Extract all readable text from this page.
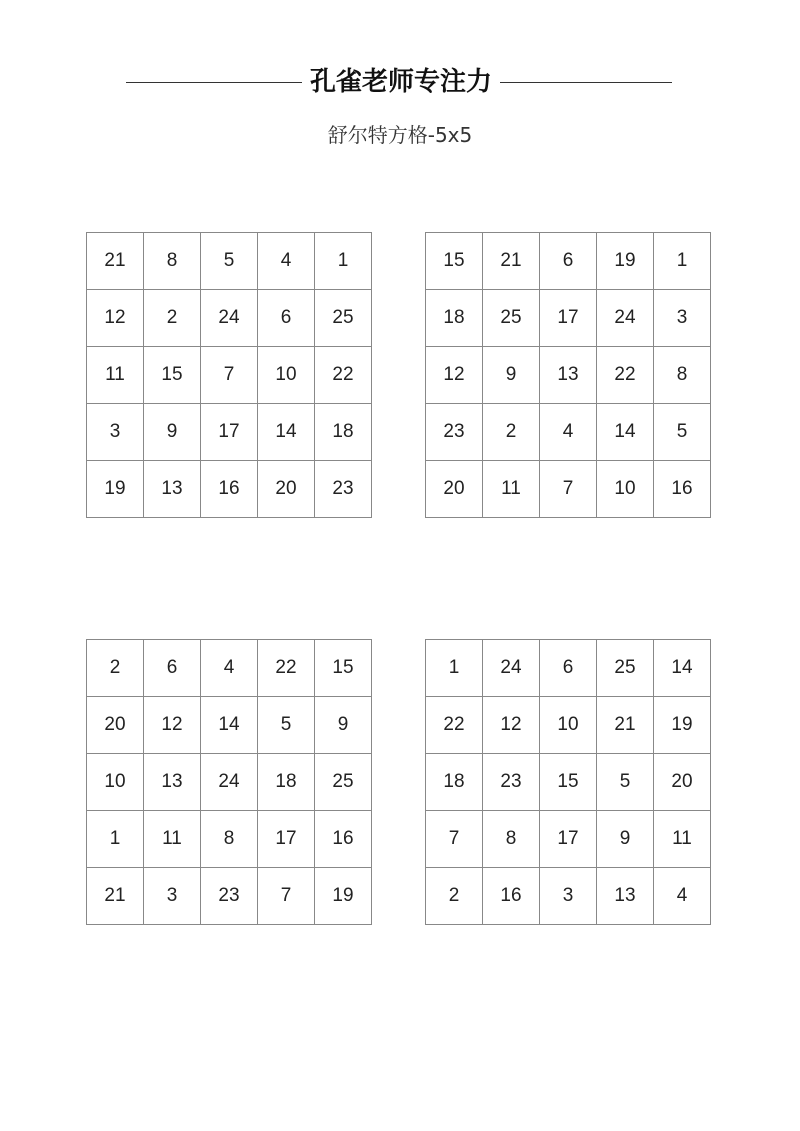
孔雀老师专注力
舒尔特方格-5x5
21	8	5	4	1
12	2	24	6	25
11	15	7	10	22
3	9	17	14	18
19	13	16	20	23
15	21	6	19	1
18	25	17	24	3
12	9	13	22	8
23	2	4	14	5
20	11	7	10	16
2	6	4	22	15
20	12	14	5	9
10	13	24	18	25
1	11	8	17	16
21	3	23	7	19
1	24	6	25	14
22	12	10	21	19
18	23	15	5	20
7	8	17	9	11
2	16	3	13	4
